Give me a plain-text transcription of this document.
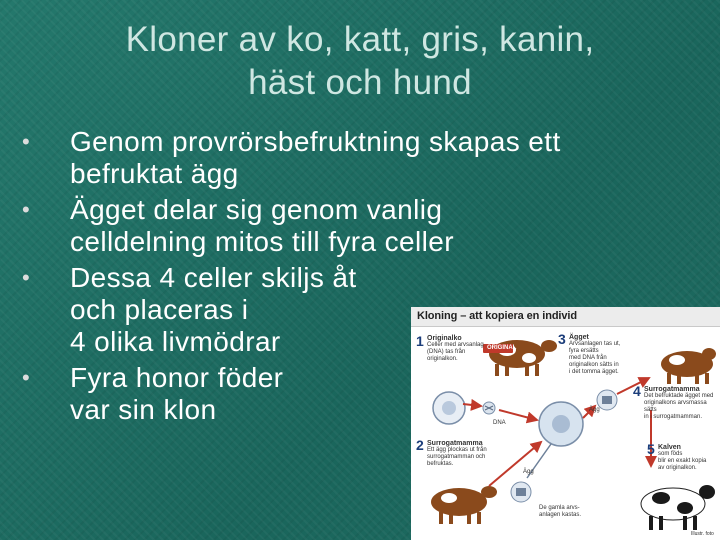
Kloner av ko, katt, gris, kanin,
häst och hund
•	Genom provrörsbefruktning skapas ett
befruktat ägg
•	Ägget delar sig genom vanlig
celldelning mitos till fyra celler
•	Dessa 4 celler skiljs åt
och placeras i
4 olika livmödrar
•	Fyra honor föder
var sin klon
Kloning – att kopiera en individ
ORIGINAL
1 Originalko
Celler med arvsanlag
(DNA) tas från
originalkon.
2 Surrogatmamma
Ett ägg plockas ut från
surrogatmamman och
befruktas.
3 Ägget
Arvsanlagen tas ut,
fyra ersätts
med DNA från
originalkon sätts in
i det tomma ägget.
4 Surrogatmamma
Det befruktade ägget med
originalkons arvsmassa sätts
in i surrogatmamman.
5 Kalven
som föds
blir en exakt kopia
av originalkon.
DNA
Ägg
Ägg
De gamla arvs-
anlagen kastas.
Illustr. foto
